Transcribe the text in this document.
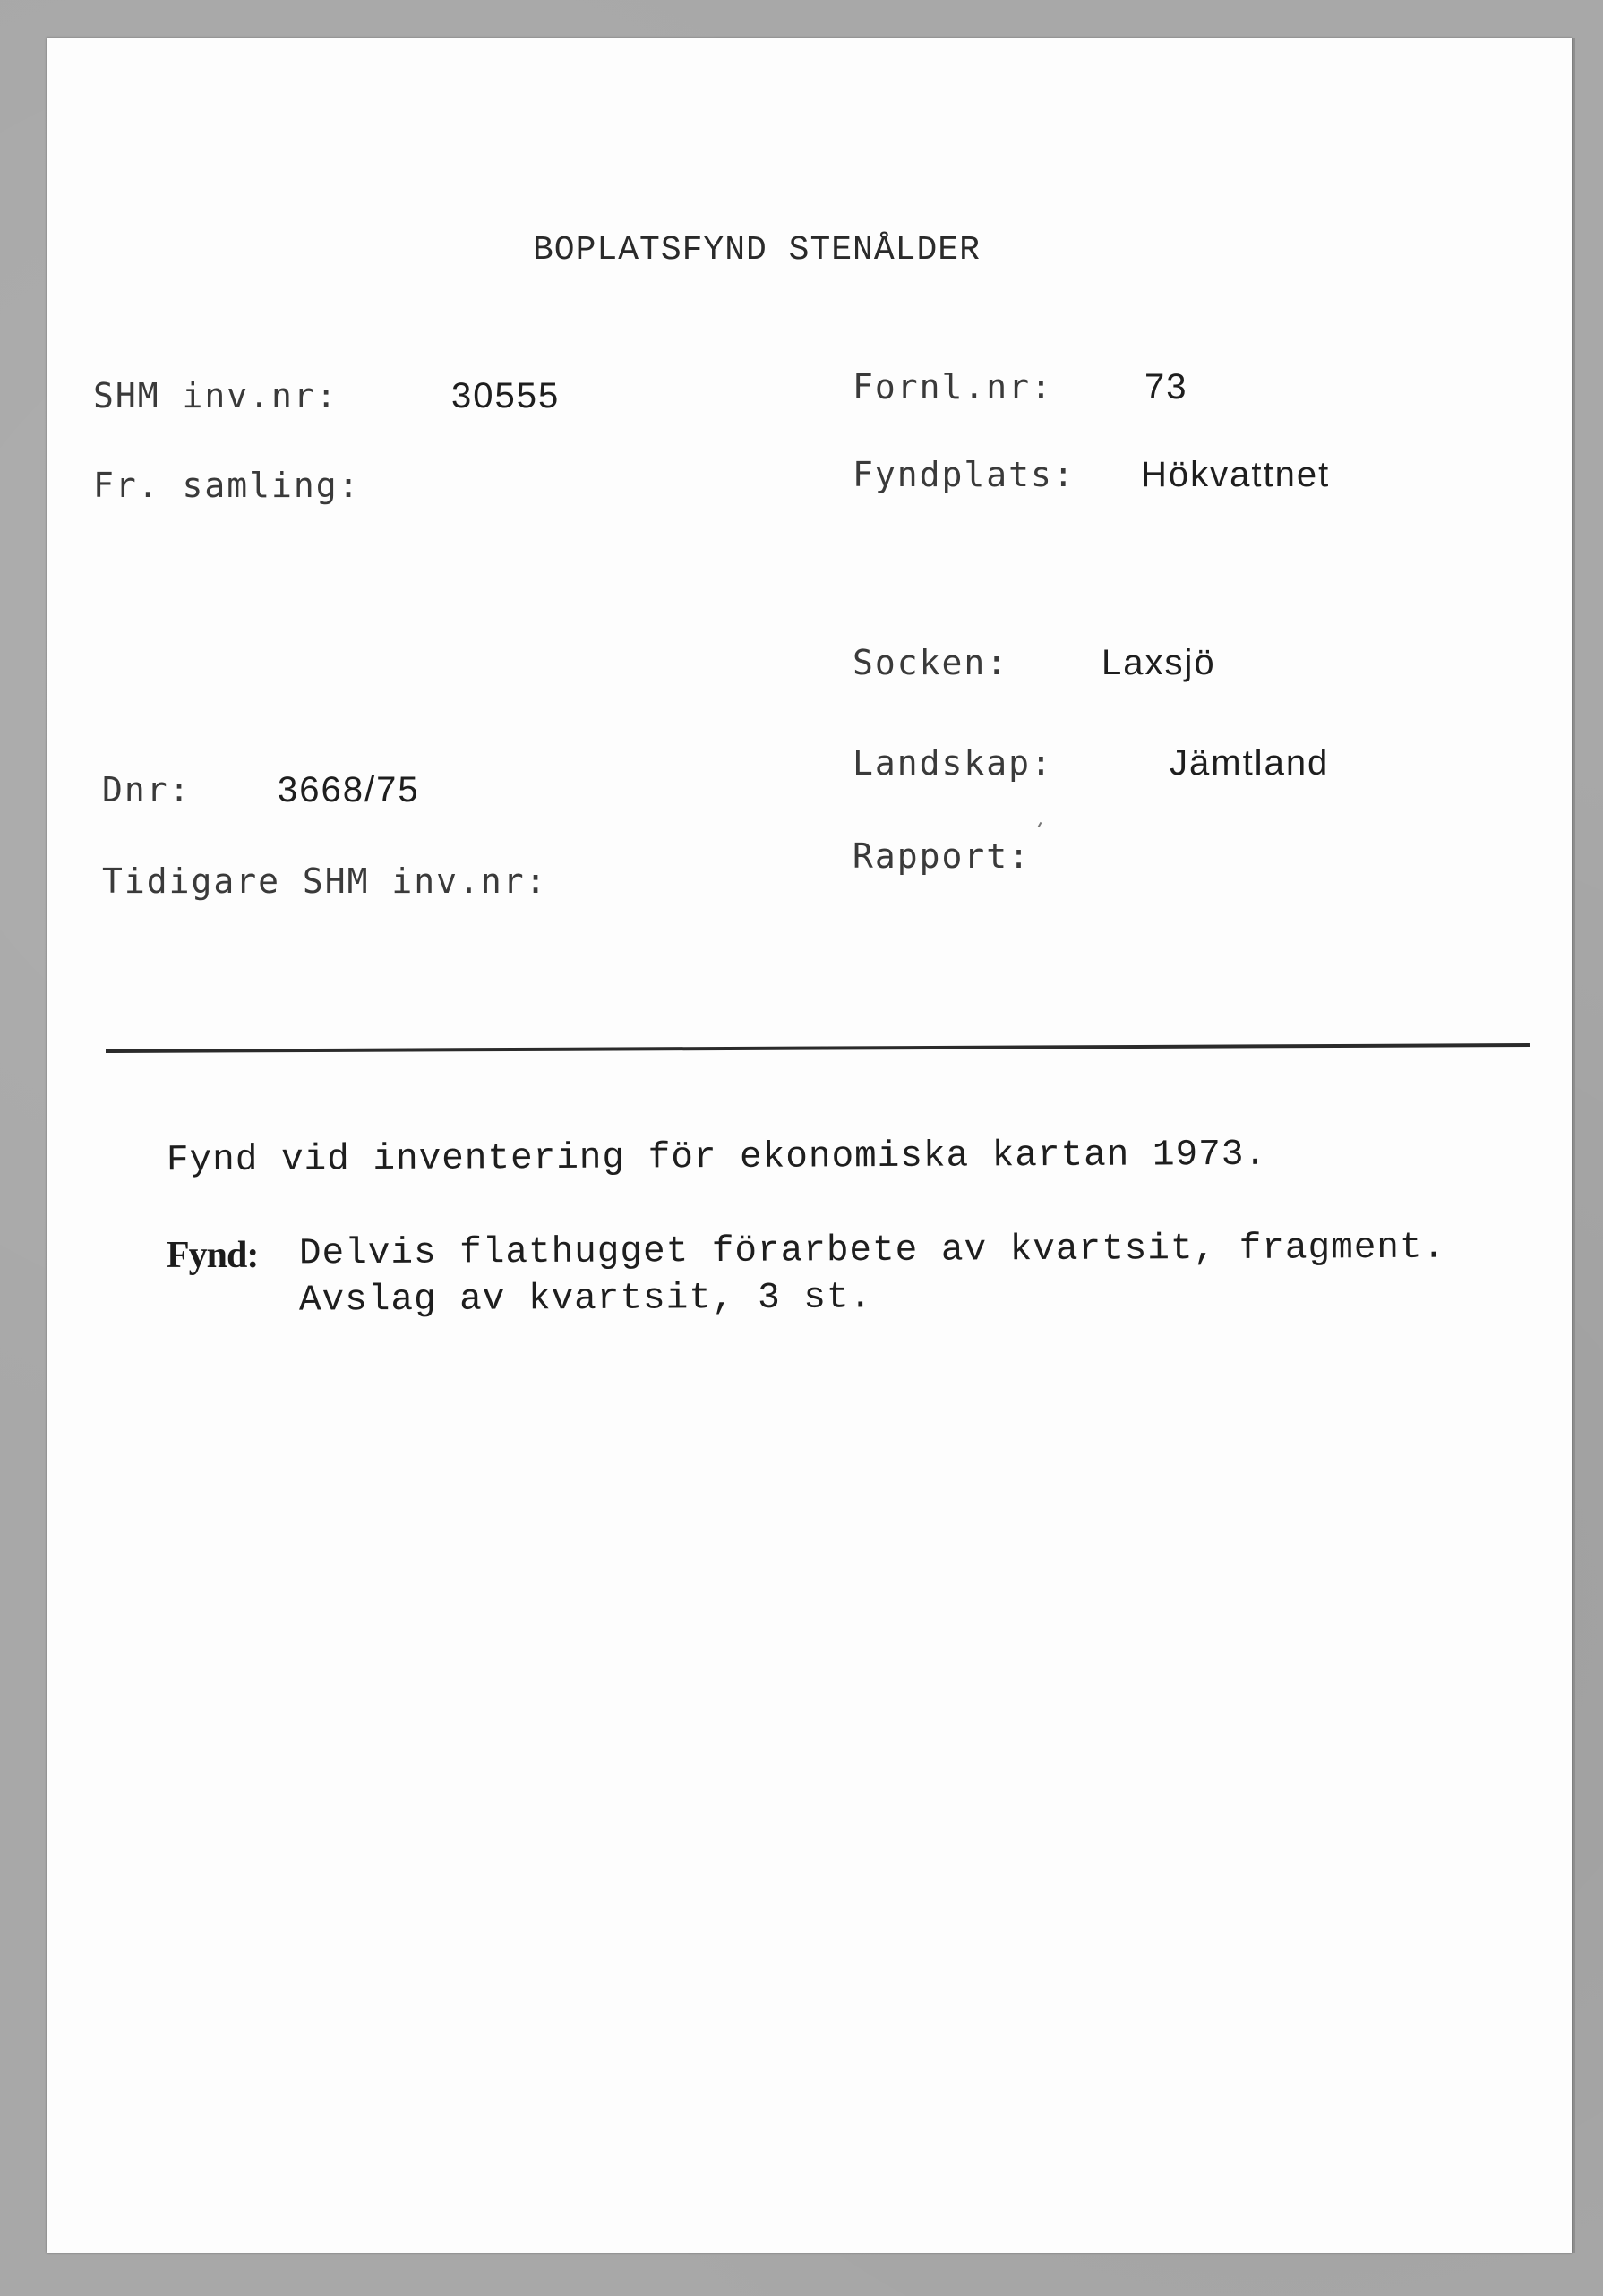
BOPLATSFYND STENÅLDER
SHM inv.nr:	30555
Fr. samling:
Dnr: 3668/75
Tidigare SHM inv.nr:
Fornl.nr:	73
Fyndplats: Hökvattnet
Socken:	Laxsjö
Landskap:	Jämtland
Rapport:
Fynd vid inventering för ekonomiska kartan 1973.
Fynd: Delvis flathugget förarbete av kvartsit, fragment.
Avslag av kvartsit, 3 st.
